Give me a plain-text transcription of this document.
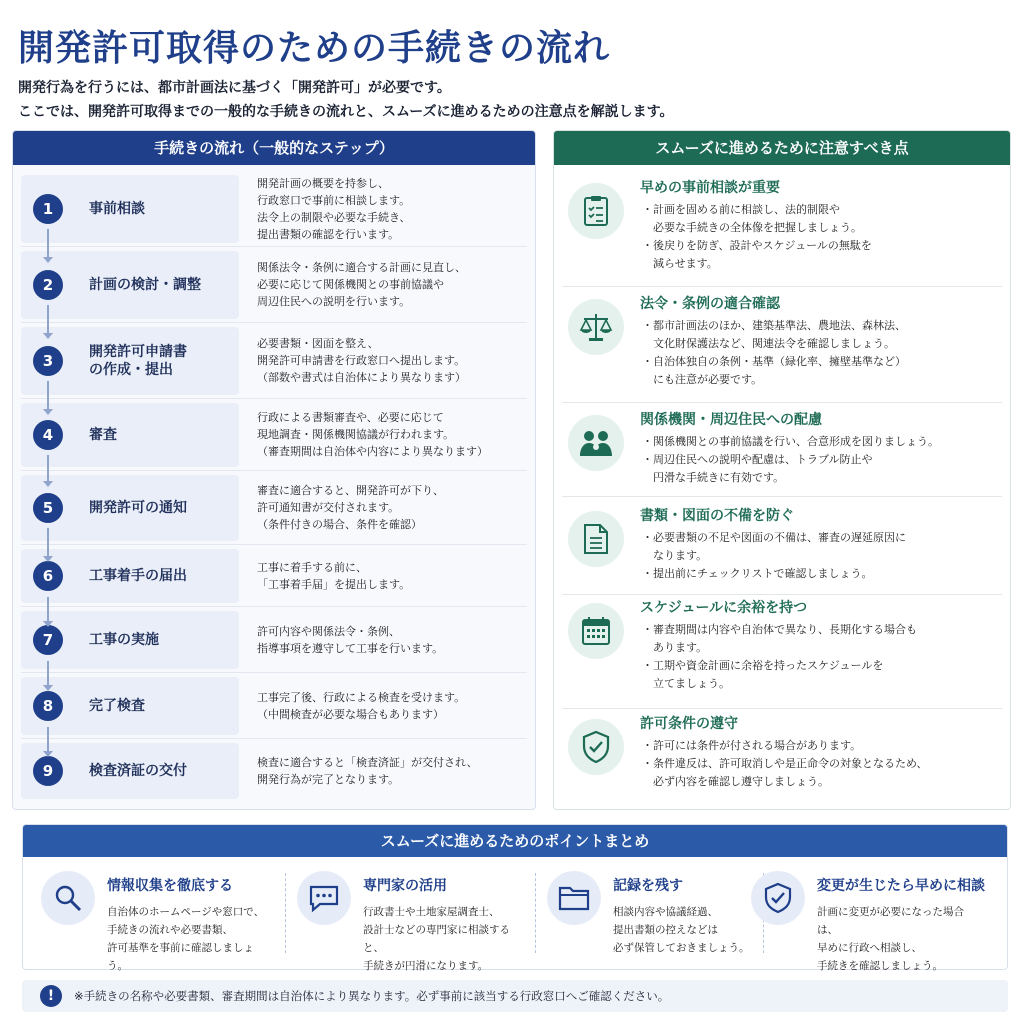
開発許可取得のための手続きの流れ
開発行為を行うには、都市計画法に基づく「開発許可」が必要です。
ここでは、開発許可取得までの一般的な手続きの流れと、スムーズに進めるための注意点を解説します。
手続きの流れ（一般的なステップ）
1	事前相談
開発計画の概要を持参し、
行政窓口で事前に相談します。
法令上の制限や必要な手続き、
提出書類の確認を行います。
2	計画の検討・調整
関係法令・条例に適合する計画に見直し、
必要に応じて関係機関との事前協議や
周辺住民への説明を行います。
3	開発許可申請書
の作成・提出
必要書類・図面を整え、
開発許可申請書を行政窓口へ提出します。
（部数や書式は自治体により異なります）
4	審査
行政による書類審査や、必要に応じて
現地調査・関係機関協議が行われます。
（審査期間は自治体や内容により異なります）
5	開発許可の通知
審査に適合すると、開発許可が下り、
許可通知書が交付されます。
（条件付きの場合、条件を確認）
6	工事着手の届出
工事に着手する前に、
「工事着手届」を提出します。
7	工事の実施
許可内容や関係法令・条例、
指導事項を遵守して工事を行います。
8	完了検査
工事完了後、行政による検査を受けます。
（中間検査が必要な場合もあります）
9	検査済証の交付
検査に適合すると「検査済証」が交付され、
開発行為が完了となります。
スムーズに進めるために注意すべき点
早めの事前相談が重要
・計画を固める前に相談し、法的制限や
　必要な手続きの全体像を把握しましょう。
・後戻りを防ぎ、設計やスケジュールの無駄を
　減らせます。
法令・条例の適合確認
・都市計画法のほか、建築基準法、農地法、森林法、
　文化財保護法など、関連法令を確認しましょう。
・自治体独自の条例・基準（緑化率、擁壁基準など）
　にも注意が必要です。
関係機関・周辺住民への配慮
・関係機関との事前協議を行い、合意形成を図りましょう。
・周辺住民への説明や配慮は、トラブル防止や
　円滑な手続きに有効です。
書類・図面の不備を防ぐ
・必要書類の不足や図面の不備は、審査の遅延原因に
　なります。
・提出前にチェックリストで確認しましょう。
スケジュールに余裕を持つ
・審査期間は内容や自治体で異なり、長期化する場合も
　あります。
・工期や資金計画に余裕を持ったスケジュールを
　立てましょう。
許可条件の遵守
・許可には条件が付される場合があります。
・条件違反は、許可取消しや是正命令の対象となるため、
　必ず内容を確認し遵守しましょう。
スムーズに進めるためのポイントまとめ
情報収集を徹底する
自治体のホームページや窓口で、
手続きの流れや必要書類、
許可基準を事前に確認しましょう。
専門家の活用
行政書士や土地家屋調査士、
設計士などの専門家に相談すると、
手続きが円滑になります。
記録を残す
相談内容や協議経過、
提出書類の控えなどは
必ず保管しておきましょう。
変更が生じたら早めに相談
計画に変更が必要になった場合は、
早めに行政へ相談し、
手続きを確認しましょう。
!	※手続きの名称や必要書類、審査期間は自治体により異なります。必ず事前に該当する行政窓口へご確認ください。
